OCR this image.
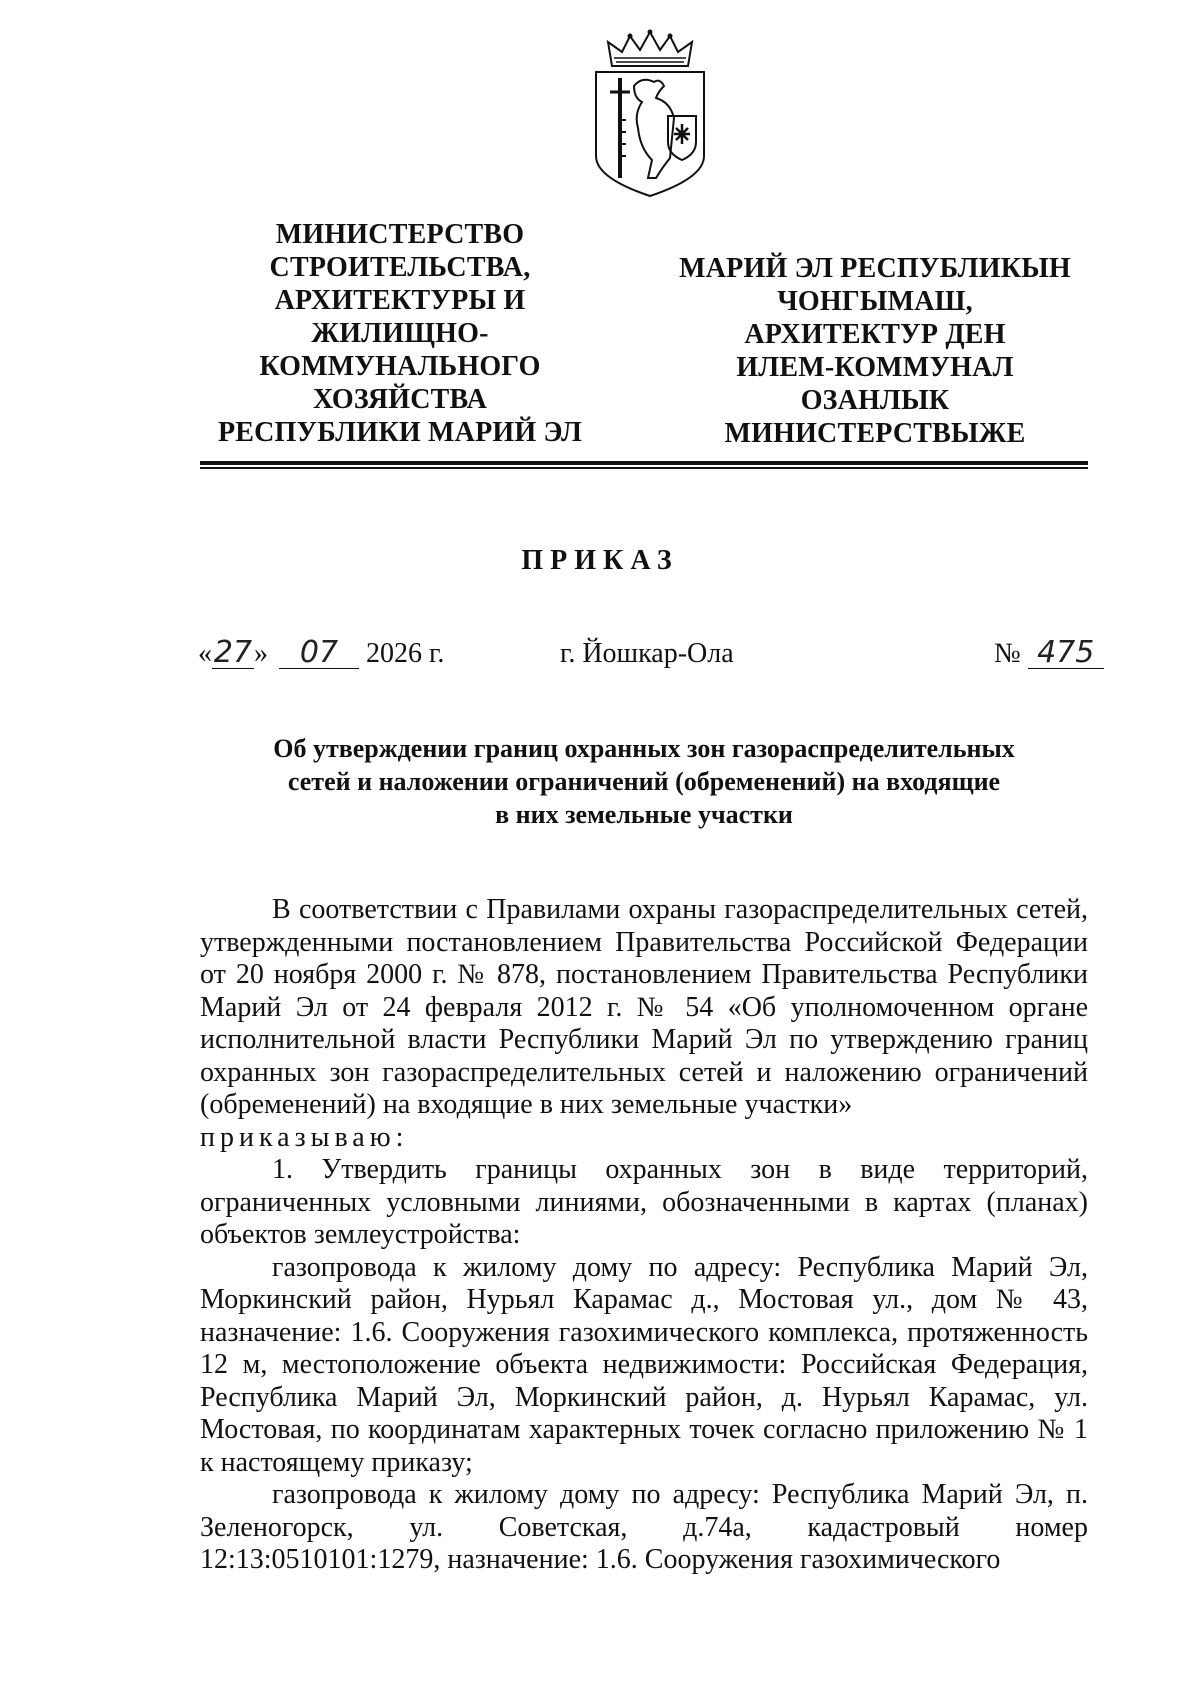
МИНИСТЕРСТВО
СТРОИТЕЛЬСТВА,
АРХИТЕКТУРЫ И
ЖИЛИЩНО-
КОММУНАЛЬНОГО
ХОЗЯЙСТВА
РЕСПУБЛИКИ МАРИЙ ЭЛ
МАРИЙ ЭЛ РЕСПУБЛИКЫН
ЧОНГЫМАШ,
АРХИТЕКТУР ДЕН
ИЛЕМ-КОММУНАЛ
ОЗАНЛЫК
МИНИСТЕРСТВЫЖЕ
ПРИКАЗ
«27» 07 2026 г.	г. Йошкар-Ола	№ 475
Об утверждении границ охранных зон газораспределительных
сетей и наложении ограничений (обременений) на входящие
в них земельные участки

В соответствии с Правилами охраны газораспределительных сетей, утвержденными постановлением Правительства Российской Федерации от 20 ноября 2000 г. № 878, постановлением Правительства Республики Марий Эл от 24 февраля 2012 г. № 54 «Об уполномоченном органе исполнительной власти Республики Марий Эл по утверждению границ охранных зон газораспределительных сетей и наложению ограничений (обременений) на входящие в них земельные участки»
приказываю:

1. Утвердить границы охранных зон в виде территорий, ограниченных условными линиями, обозначенными в картах (планах) объектов землеустройства:

газопровода к жилому дому по адресу: Республика Марий Эл, Моркинский район, Нурьял Карамас д., Мостовая ул., дом № 43, назначение: 1.6. Сооружения газохимического комплекса, протяженность 12 м, местоположение объекта недвижимости: Российская Федерация, Республика Марий Эл, Моркинский район, д. Нурьял Карамас, ул. Мостовая, по координатам характерных точек согласно приложению № 1 к настоящему приказу;

газопровода к жилому дому по адресу: Республика Марий Эл, п. Зеленогорск, ул. Советская, д.74а, кадастровый номер 12:13:0510101:1279, назначение: 1.6. Сооружения газохимического
